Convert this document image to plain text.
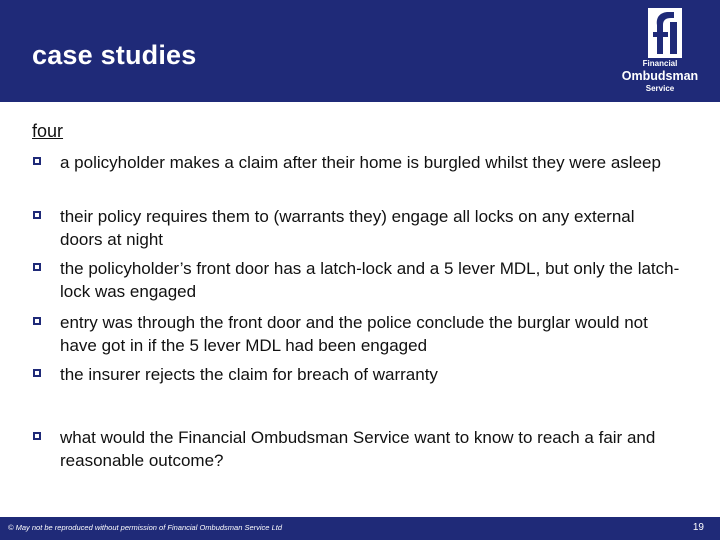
case studies	Financial
Ombudsman
Service
four
a policyholder makes a claim after their home is burgled whilst they were asleep
their policy requires them to (warrants they) engage all locks on any external doors at night
the policyholder’s front door has a latch-lock and a 5 lever MDL, but only the latch-lock was engaged
entry was through the front door and the police conclude the burglar would not have got in if the 5 lever MDL had been engaged
the insurer rejects the claim for breach of warranty
what would the Financial Ombudsman Service want to know to reach a fair and reasonable outcome?
© May not be reproduced without permission of Financial Ombudsman Service Ltd	19
